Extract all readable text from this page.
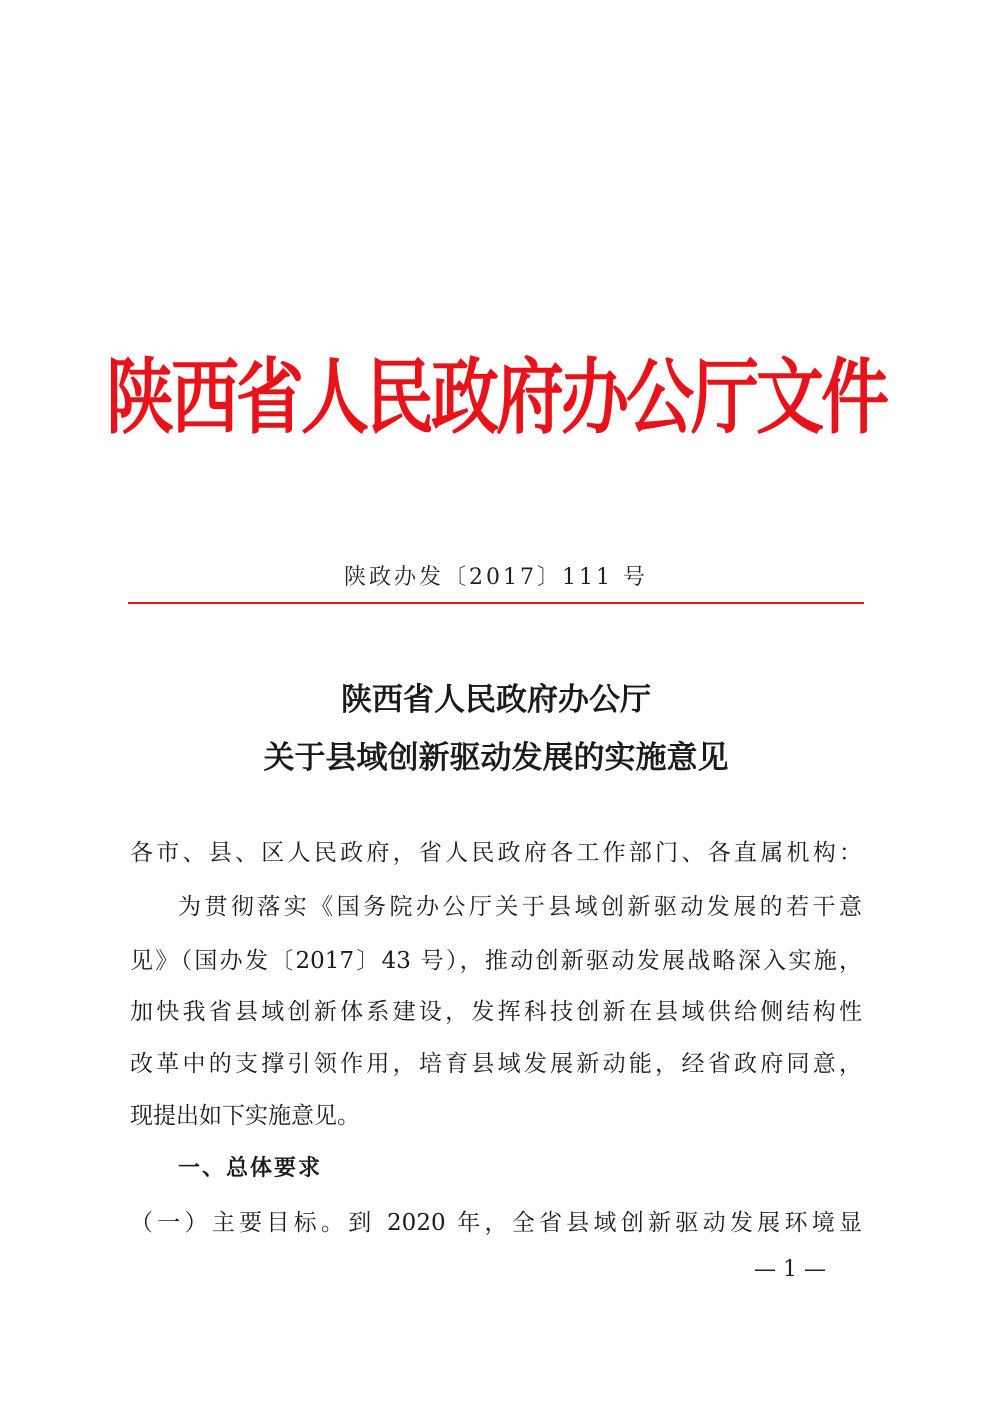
陕西省人民政府办公厅文件
陕政办发〔2017〕111 号
陕西省人民政府办公厅
关于县域创新驱动发展的实施意见
各市、县、区人民政府，省人民政府各工作部门、各直属机构：
为贯彻落实《国务院办公厅关于县域创新驱动发展的若干意
见》（国办发〔2017〕43 号），推动创新驱动发展战略深入实施，
加快我省县域创新体系建设，发挥科技创新在县域供给侧结构性
改革中的支撑引领作用，培育县域发展新动能，经省政府同意，
现提出如下实施意见。
一、总体要求
（一）主要目标。到 2020 年，全省县域创新驱动发展环境显
— 1 —
